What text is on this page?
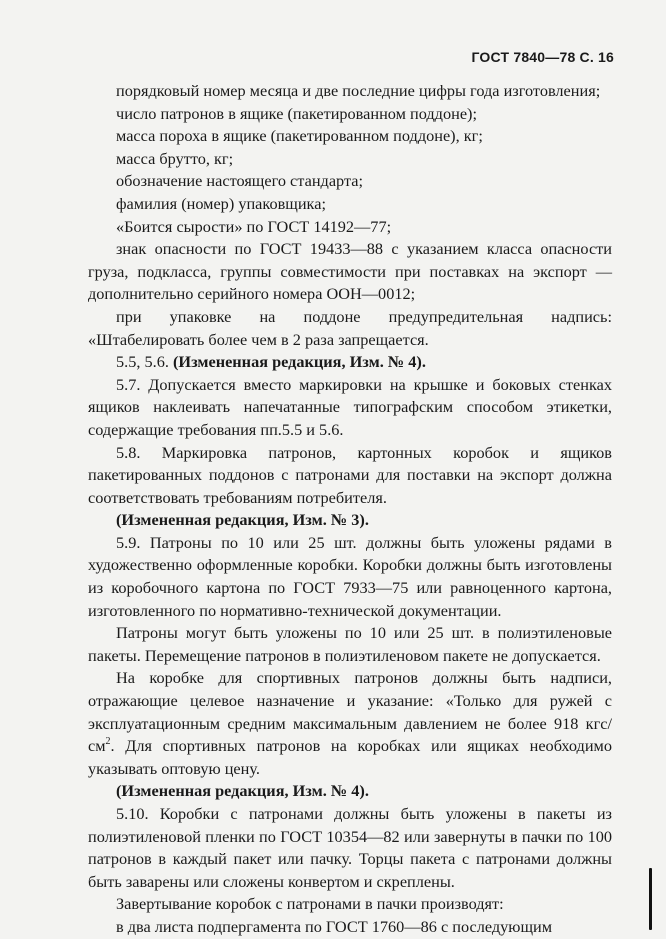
ГОСТ 7840—78 С. 16

порядковый номер месяца и две последние цифры года изготовления;

число патронов в ящике (пакетированном поддоне);

масса пороха в ящике (пакетированном поддоне), кг;

масса брутто, кг;

обозначение настоящего стандарта;

фамилия (номер) упаковщика;

«Боится сырости» по ГОСТ 14192—77;

знак опасности по ГОСТ 19433—88 с указанием класса опасности груза, подкласса, группы совместимости при поставках на экспорт — дополнительно серийного номера ООН—0012;

при упаковке на поддоне предупредительная надпись: «Штабелировать более чем в 2 раза запрещается.

5.5, 5.6. (Измененная редакция, Изм. № 4).

5.7. Допускается вместо маркировки на крышке и боковых стенках ящиков наклеивать напечатанные типографским способом этикетки, содержащие требования пп.5.5 и 5.6.

5.8. Маркировка патронов, картонных коробок и ящиков пакетированных поддонов с патронами для поставки на экспорт должна соответствовать требованиям потребителя.

(Измененная редакция, Изм. № 3).

5.9. Патроны по 10 или 25 шт. должны быть уложены рядами в художественно оформленные коробки. Коробки должны быть изготовлены из коробочного картона по ГОСТ 7933—75 или равноценного картона, изготовленного по нормативно-технической документации.

Патроны могут быть уложены по 10 или 25 шт. в полиэтиленовые пакеты. Перемещение патронов в полиэтиленовом пакете не допускается.

На коробке для спортивных патронов должны быть надписи, отражающие целевое назначение и указание: «Только для ружей с эксплуатационным средним максимальным давлением не более 918 кгс/$см^2$. Для спортивных патронов на коробках или ящиках необходимо указывать оптовую цену.

(Измененная редакция, Изм. № 4).

5.10. Коробки с патронами должны быть уложены в пакеты из полиэтиленовой пленки по ГОСТ 10354—82 или завернуты в пачки по 100 патронов в каждый пакет или пачку. Торцы пакета с патронами должны быть заварены или сложены конвертом и скреплены.

Завертывание коробок с патронами в пачки производят:

в два листа подпергамента по ГОСТ 1760—86 с последующим
